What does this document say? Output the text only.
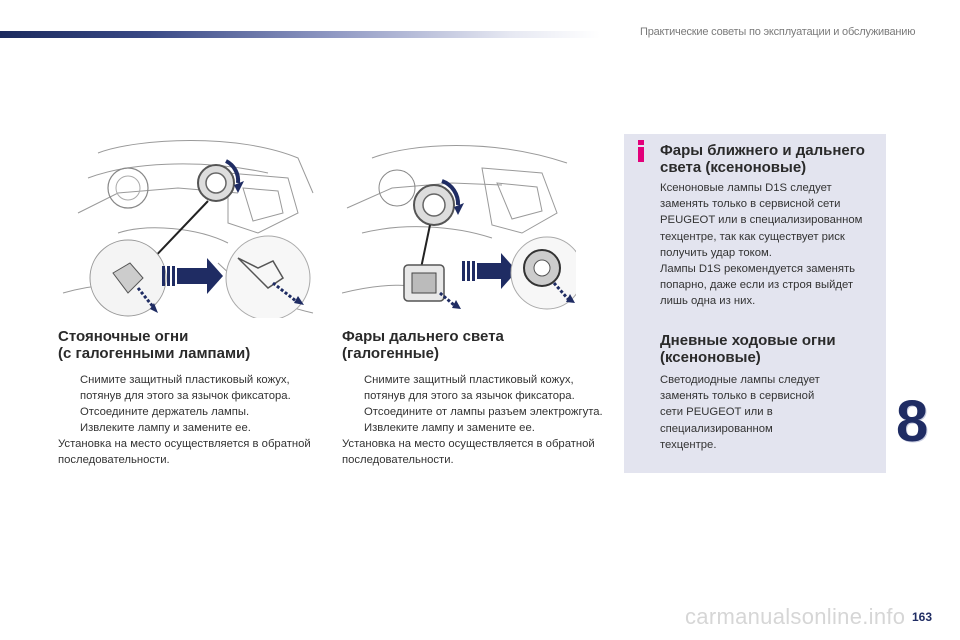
Практические советы по эксплуатации и обслуживанию
Стояночные огни
(с галогенными лампами)
Снимите защитный пластиковый кожух, потянув для этого за язычок фиксатора.
Отсоедините держатель лампы.
Извлеките лампу и замените ее.
Установка на место осуществляется в обратной последовательности.
Фары дальнего света
(галогенные)
Снимите защитный пластиковый кожух, потянув для этого за язычок фиксатора.
Отсоедините от лампы разъем электрожгута.
Извлеките лампу и замените ее.
Установка на место осуществляется в обратной последовательности.
Фары ближнего и дальнего
света (ксеноновые)

Ксеноновые лампы D1S следует заменять только в сервисной сети PEUGEOT или в специализированном техцентре, так как существует риск получить удар током.

Лампы D1S рекомендуется заменять попарно, даже если из строя выйдет лишь одна из них.

Дневные ходовые огни
(ксеноновые)

Светодиодные лампы следует заменять только в сервисной сети PEUGEOT или в специализированном техцентре.	8
carmanualsonline.info 163
